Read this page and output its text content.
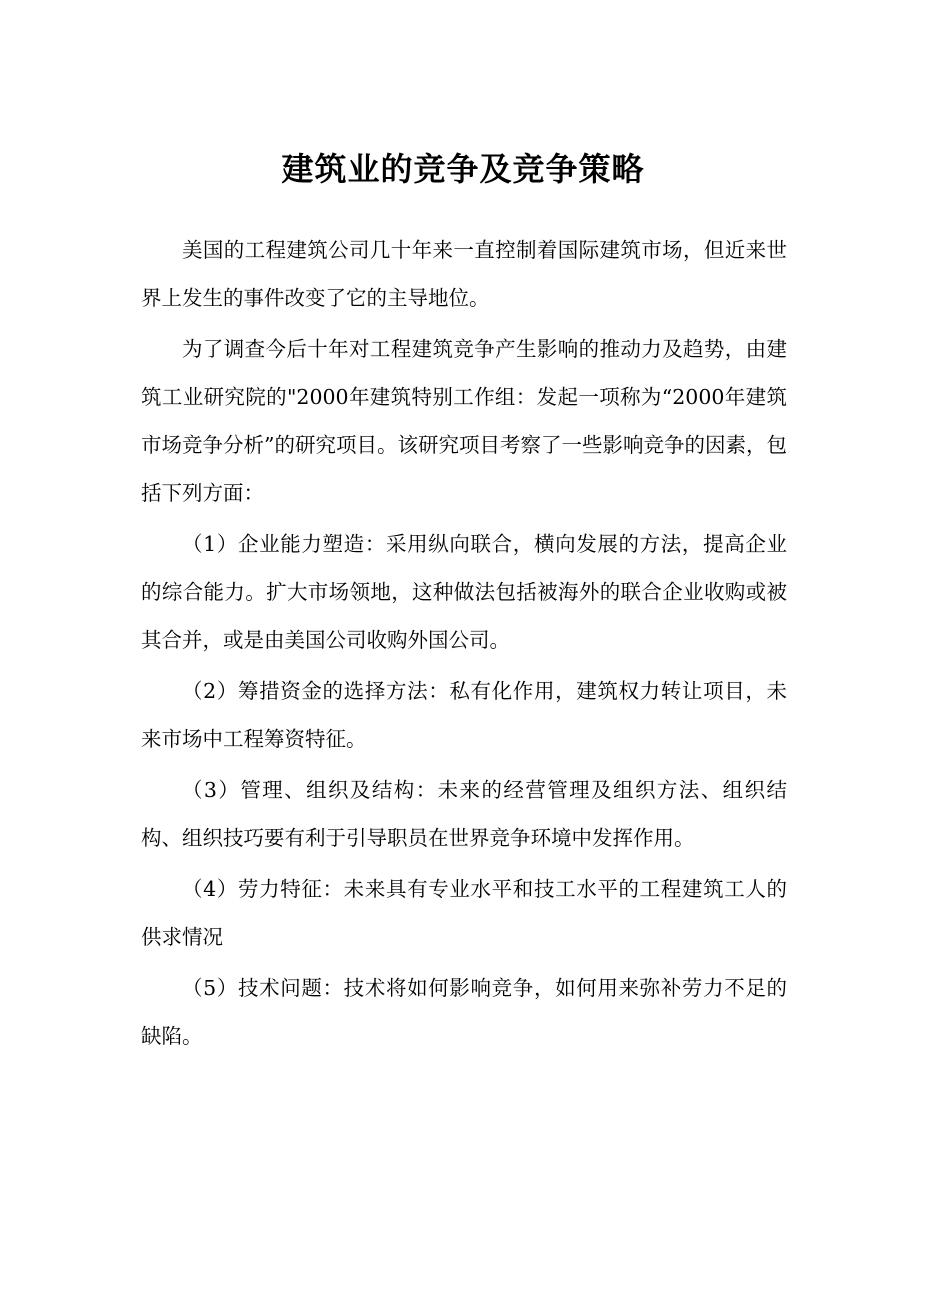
建筑业的竞争及竞争策略

美国的工程建筑公司几十年来一直控制着国际建筑市场，但近来世界上发生的事件改变了它的主导地位。

为了调查今后十年对工程建筑竞争产生影响的推动力及趋势，由建筑工业研究院的"2000年建筑特别工作组：发起一项称为“2000年建筑市场竞争分析”的研究项目。该研究项目考察了一些影响竞争的因素，包括下列方面：

（1）企业能力塑造：采用纵向联合，横向发展的方法，提高企业的综合能力。扩大市场领地，这种做法包括被海外的联合企业收购或被其合并，或是由美国公司收购外国公司。

（2）筹措资金的选择方法：私有化作用，建筑权力转让项目，未来市场中工程筹资特征。

（3）管理、组织及结构：未来的经营管理及组织方法、组织结构、组织技巧要有利于引导职员在世界竞争环境中发挥作用。

（4）劳力特征：未来具有专业水平和技工水平的工程建筑工人的供求情况

（5）技术问题：技术将如何影响竞争，如何用来弥补劳力不足的缺陷。
